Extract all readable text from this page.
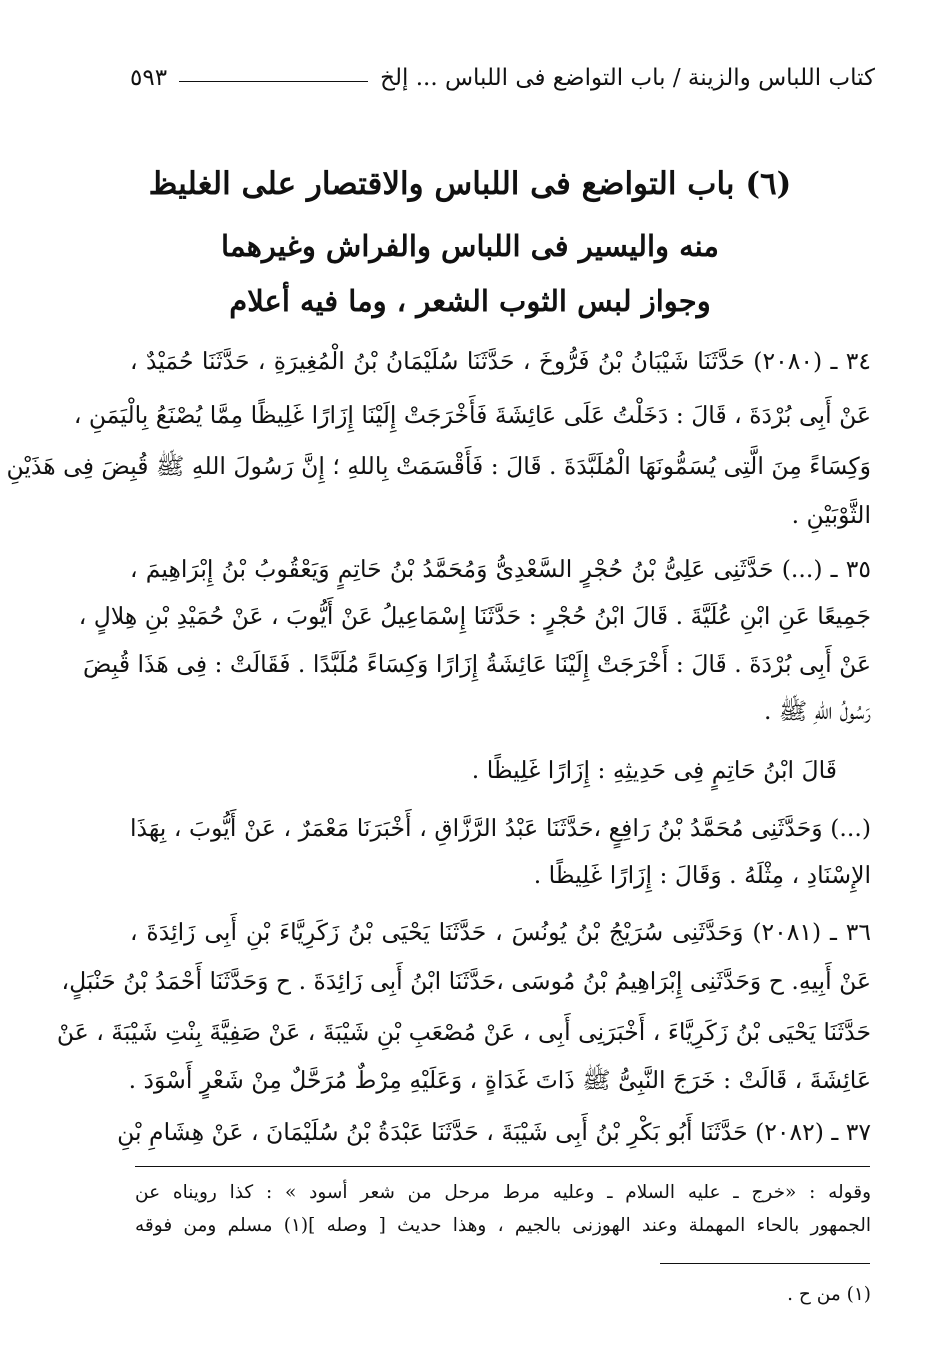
كتاب اللباس والزينة / باب التواضع فى اللباس ... إلخ
٥٩٣
(٦) باب التواضع فى اللباس والاقتصار على الغليظ
منه واليسير فى اللباس والفراش وغيرهما
وجواز لبس الثوب الشعر ، وما فيه أعلام
٣٤ ـ (٢٠٨٠) حَدَّثَنَا شَيْبَانُ بْنُ فَرُّوخَ ، حَدَّثَنَا سُلَيْمَانُ بْنُ الْمُغِيرَةِ ، حَدَّثَنَا حُمَيْدٌ ،
عَنْ أَبِى بُرْدَةَ ، قَالَ : دَخَلْتُ عَلَى عَائِشَةَ فَأَخْرَجَتْ إِلَيْنَا إِزَارًا غَلِيظًا مِمَّا يُصْنَعُ بِالْيَمَنِ ،
وَكِسَاءً مِنَ الَّتِى يُسَمُّونَهَا الْمُلَبَّدَةَ . قَالَ : فَأَقْسَمَتْ بِاللهِ ؛ إِنَّ رَسُولَ اللهِ ﷺ قُبِضَ فِى هَذَيْنِ
الثَّوْبَيْنِ .
٣٥ ـ (...) حَدَّثَنِى عَلِىُّ بْنُ حُجْرٍ السَّعْدِىُّ وَمُحَمَّدُ بْنُ حَاتِمٍ وَيَعْقُوبُ بْنُ إِبْرَاهِيمَ ،
جَمِيعًا عَنِ ابْنِ عُلَيَّةَ . قَالَ ابْنُ حُجْرٍ : حَدَّثَنَا إِسْمَاعِيلُ عَنْ أَيُّوبَ ، عَنْ حُمَيْدِ بْنِ هِلالٍ ،
عَنْ أَبِى بُرْدَةَ . قَالَ : أَخْرَجَتْ إِلَيْنَا عَائِشَةُ إِزَارًا وَكِسَاءً مُلَبَّدًا . فَقَالَتْ : فِى هَذَا قُبِضَ
رَسُولُ اللهِ ﷺ .
قَالَ ابْنُ حَاتِمٍ فِى حَدِيثِهِ : إِزَارًا غَلِيظًا .
(...) وَحَدَّثَنِى مُحَمَّدُ بْنُ رَافِعٍ ،حَدَّثَنَا عَبْدُ الرَّزَّاقِ ، أَخْبَرَنَا مَعْمَرٌ ، عَنْ أَيُّوبَ ، بِهَذَا
الإِسْنَادِ ، مِثْلَهُ . وَقَالَ : إِزَارًا غَلِيظًا .
٣٦ ـ (٢٠٨١) وَحَدَّثَنِى سُرَيْجُ بْنُ يُونُسَ ، حَدَّثَنَا يَحْيَى بْنُ زَكَرِيَّاءَ بْنِ أَبِى زَائِدَةَ ،
عَنْ أَبِيهِ. ح وَحَدَّثَنِى إِبْرَاهِيمُ بْنُ مُوسَى ،حَدَّثَنَا ابْنُ أَبِى زَائِدَةَ . ح وَحَدَّثَنَا أَحْمَدُ بْنُ حَنْبَلٍ،
حَدَّثَنَا يَحْيَى بْنُ زَكَرِيَّاءَ ، أَخْبَرَنِى أَبِى ، عَنْ مُصْعَبِ بْنِ شَيْبَةَ ، عَنْ صَفِيَّةَ بِنْتِ شَيْبَةَ ، عَنْ
عَائِشَةَ ، قَالَتْ : خَرَجَ النَّبِىُّ ﷺ ذَاتَ غَدَاةٍ ، وَعَلَيْهِ مِرْطٌ مُرَحَّلٌ مِنْ شَعْرٍ أَسْوَدَ .
٣٧ ـ (٢٠٨٢) حَدَّثَنَا أَبُو بَكْرِ بْنُ أَبِى شَيْبَةَ ، حَدَّثَنَا عَبْدَةُ بْنُ سُلَيْمَانَ ، عَنْ هِشَامِ بْنِ
وقوله : «خرج ـ عليه السلام ـ وعليه مرط مرحل من شعر أسود » : كذا رويناه عن
الجمهور بالحاء المهملة وعند الهوزنى بالجيم ، وهذا حديث [ وصله ](١) مسلم ومن فوقه
(١) من ح .
